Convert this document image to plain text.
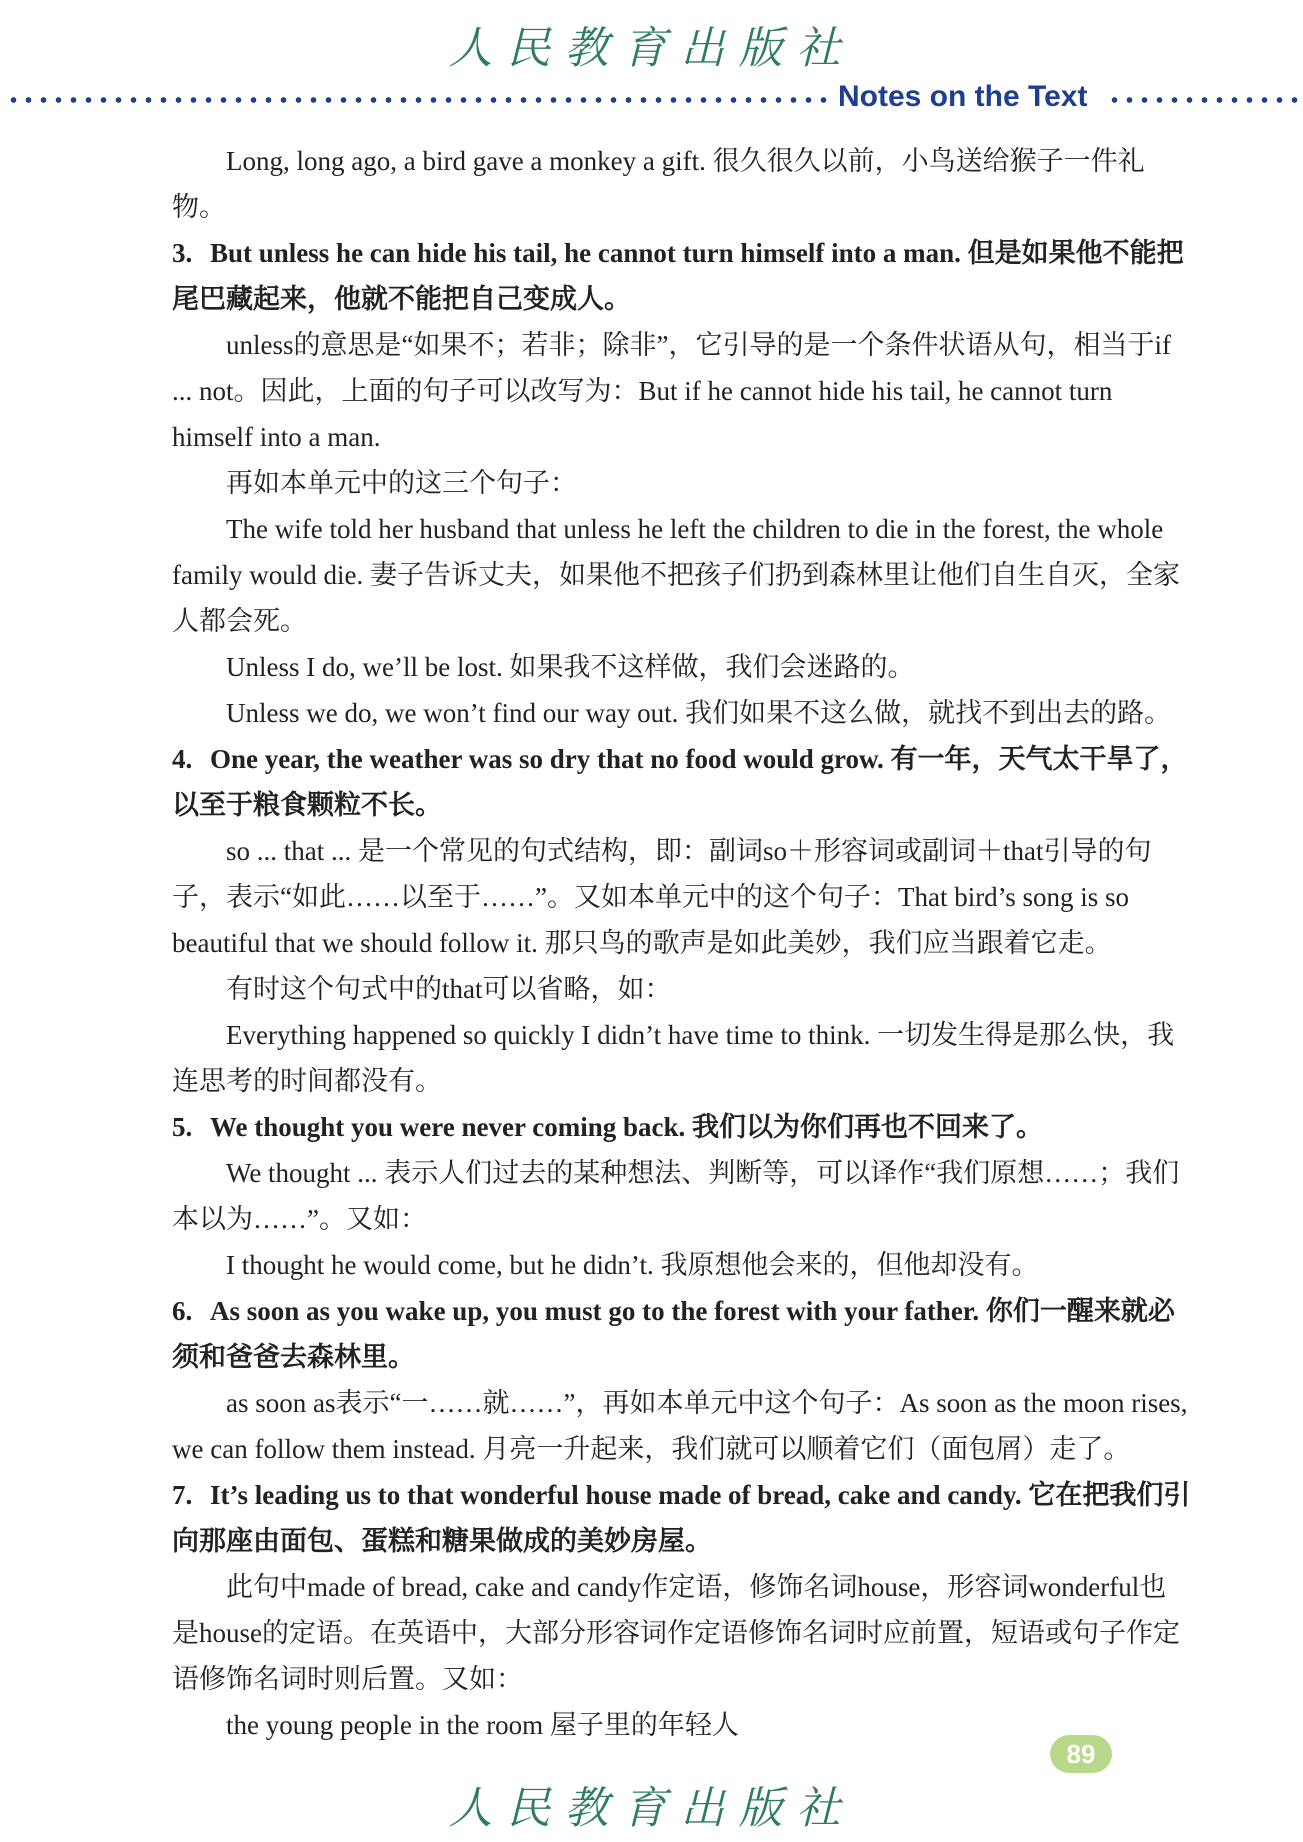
人民教育出版社
Notes on the Text

Long, long ago, a bird gave a monkey a gift. 很久很久以前，小鸟送给猴子一件礼物。

3. But unless he can hide his tail, he cannot turn himself into a man. 但是如果他不能把尾巴藏起来，他就不能把自己变成人。

unless的意思是“如果不；若非；除非”，它引导的是一个条件状语从句，相当于if ... not。因此，上面的句子可以改写为：But if he cannot hide his tail, he cannot turn himself into a man.

再如本单元中的这三个句子：

The wife told her husband that unless he left the children to die in the forest, the whole family would die. 妻子告诉丈夫，如果他不把孩子们扔到森林里让他们自生自灭，全家人都会死。

Unless I do, we’ll be lost. 如果我不这样做，我们会迷路的。

Unless we do, we won’t find our way out. 我们如果不这么做，就找不到出去的路。

4. One year, the weather was so dry that no food would grow. 有一年，天气太干旱了，以至于粮食颗粒不长。

so ... that ... 是一个常见的句式结构，即：副词so＋形容词或副词＋that引导的句子，表示“如此……以至于……”。又如本单元中的这个句子：That bird’s song is so beautiful that we should follow it. 那只鸟的歌声是如此美妙，我们应当跟着它走。

有时这个句式中的that可以省略，如：

Everything happened so quickly I didn’t have time to think. 一切发生得是那么快，我连思考的时间都没有。

5. We thought you were never coming back. 我们以为你们再也不回来了。

We thought ... 表示人们过去的某种想法、判断等，可以译作“我们原想……；我们本以为……”。又如：

I thought he would come, but he didn’t. 我原想他会来的，但他却没有。

6. As soon as you wake up, you must go to the forest with your father. 你们一醒来就必须和爸爸去森林里。

as soon as表示“一……就……”，再如本单元中这个句子：As soon as the moon rises, we can follow them instead. 月亮一升起来，我们就可以顺着它们（面包屑）走了。

7. It’s leading us to that wonderful house made of bread, cake and candy. 它在把我们引向那座由面包、蛋糕和糖果做成的美妙房屋。

此句中made of bread, cake and candy作定语，修饰名词house，形容词wonderful也是house的定语。在英语中，大部分形容词作定语修饰名词时应前置，短语或句子作定语修饰名词时则后置。又如：

the young people in the room 屋子里的年轻人

89
人民教育出版社
